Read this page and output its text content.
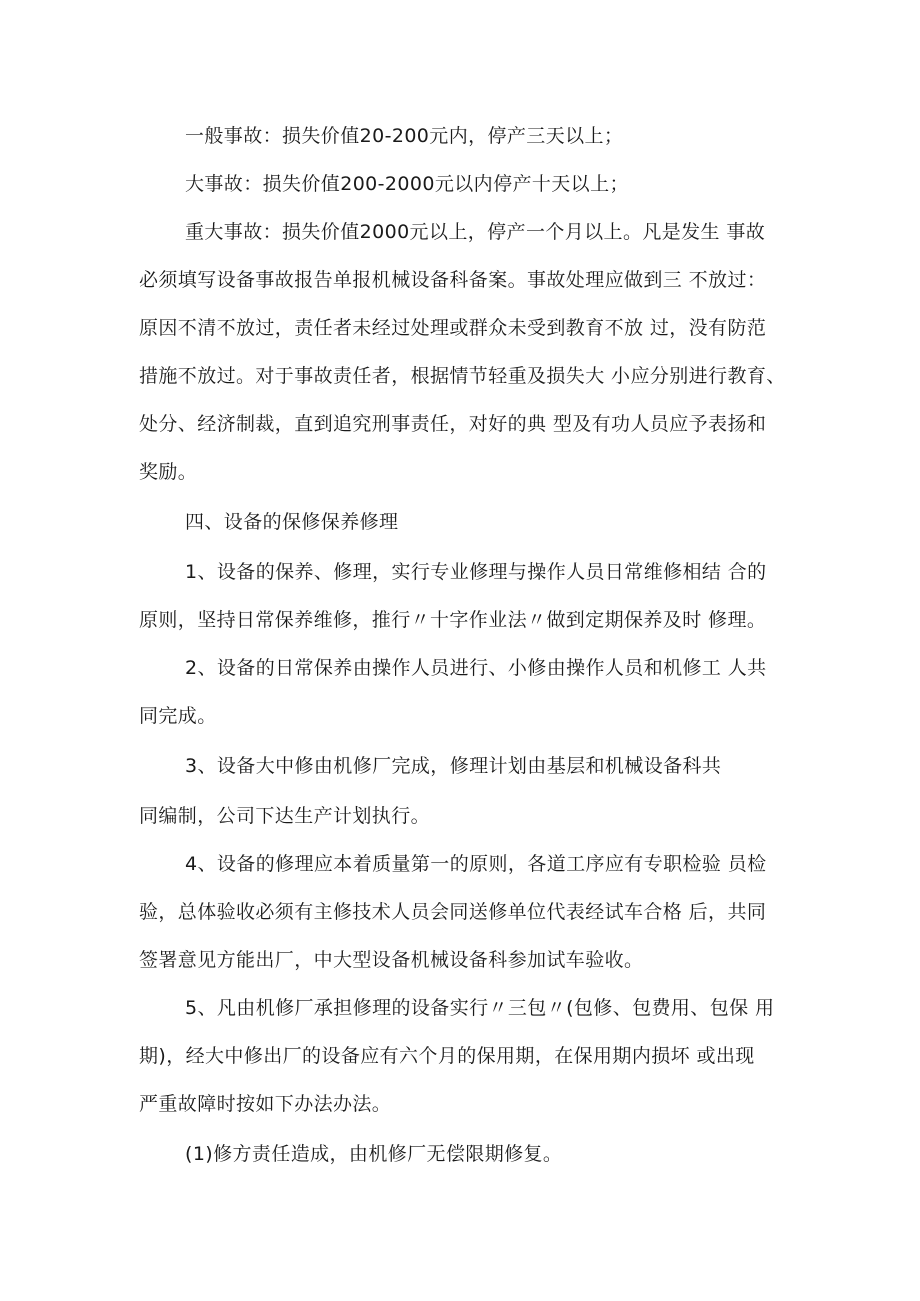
一般事故：损失价值20-200元内，停产三天以上；

大事故：损失价值200-2000元以内停产十天以上；

重大事故：损失价值2000元以上，停产一个月以上。凡是发生 事故

必须填写设备事故报告单报机械设备科备案。事故处理应做到三 不放过：

原因不清不放过，责任者未经过处理或群众未受到教育不放 过，没有防范

措施不放过。对于事故责任者，根据情节轻重及损失大 小应分别进行教育、

处分、经济制裁，直到追究刑事责任，对好的典 型及有功人员应予表扬和

奖励。

四、设备的保修保养修理

1、设备的保养、修理，实行专业修理与操作人员日常维修相结 合的

原则，坚持日常保养维修，推行〃十字作业法〃做到定期保养及时 修理。

2、设备的日常保养由操作人员进行、小修由操作人员和机修工 人共

同完成。

3、设备大中修由机修厂完成，修理计划由基层和机械设备科共

同编制，公司下达生产计划执行。

4、设备的修理应本着质量第一的原则，各道工序应有专职检验 员检

验，总体验收必须有主修技术人员会同送修单位代表经试车合格 后，共同

签署意见方能出厂，中大型设备机械设备科参加试车验收。

5、凡由机修厂承担修理的设备实行〃三包〃(包修、包费用、包保 用

期)，经大中修出厂的设备应有六个月的保用期，在保用期内损坏 或出现

严重故障时按如下办法办法。

(1)修方责任造成，由机修厂无偿限期修复。
